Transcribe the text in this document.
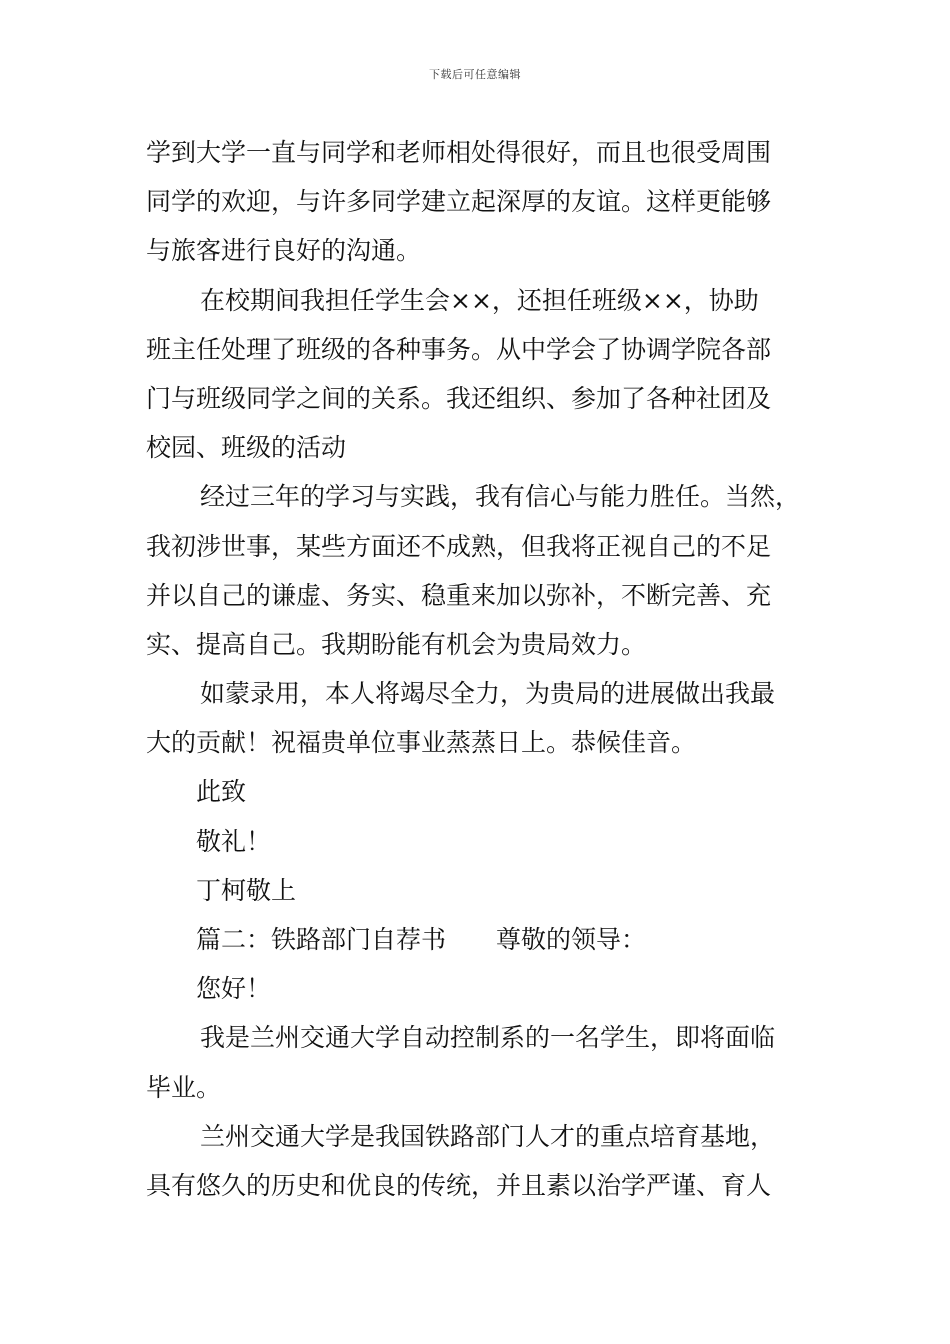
下载后可任意编辑
学到大学一直与同学和老师相处得很好，而且也很受周围
同学的欢迎，与许多同学建立起深厚的友谊。这样更能够
与旅客进行良好的沟通。
在校期间我担任学生会××，还担任班级××，协助
班主任处理了班级的各种事务。从中学会了协调学院各部
门与班级同学之间的关系。我还组织、参加了各种社团及
校园、班级的活动
经过三年的学习与实践，我有信心与能力胜任。当然，
我初涉世事，某些方面还不成熟，但我将正视自己的不足
并以自己的谦虚、务实、稳重来加以弥补，不断完善、充
实、提高自己。我期盼能有机会为贵局效力。
如蒙录用，本人将竭尽全力，为贵局的进展做出我最
大的贡献！祝福贵单位事业蒸蒸日上。恭候佳音。
此致
敬礼！
丁柯敬上
篇二：铁路部门自荐书 尊敬的领导：
您好！
我是兰州交通大学自动控制系的一名学生，即将面临
毕业。
兰州交通大学是我国铁路部门人才的重点培育基地，
具有悠久的历史和优良的传统，并且素以治学严谨、育人
